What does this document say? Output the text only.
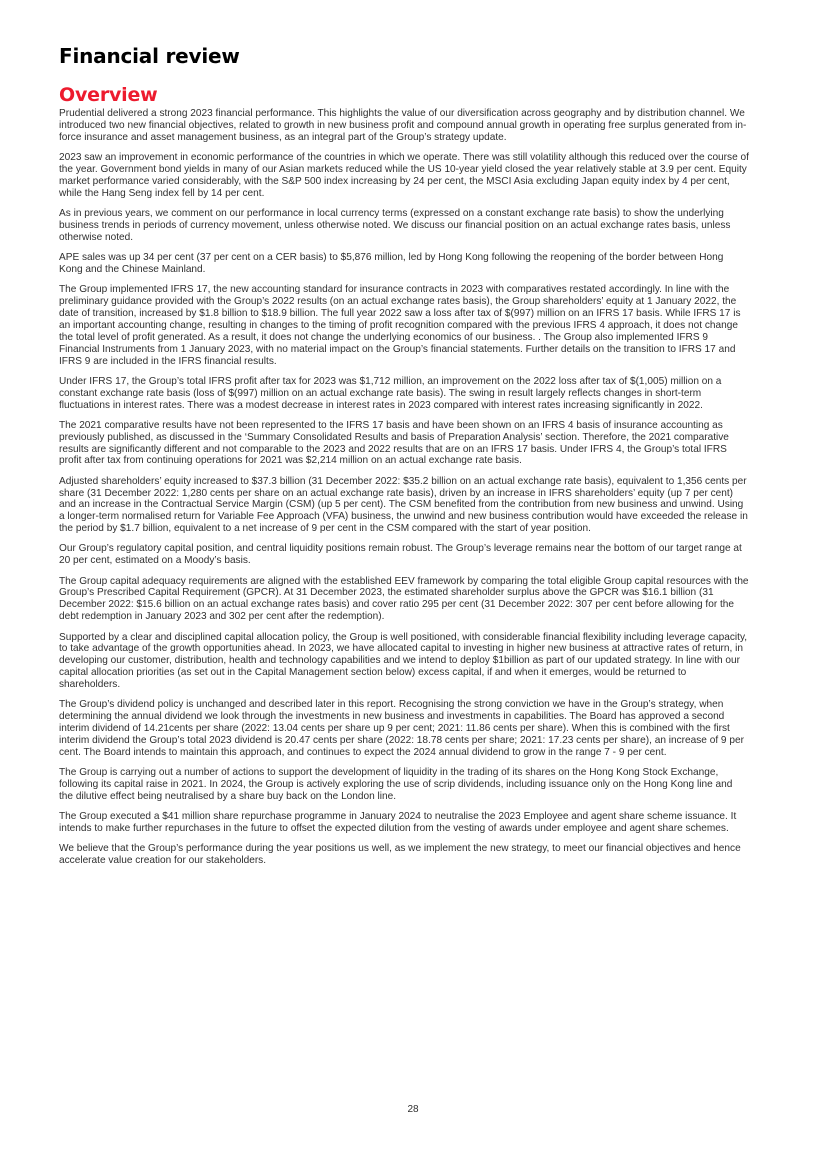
Financial review
Overview

Prudential delivered a strong 2023 financial performance. This highlights the value of our diversification across geography and by distribution channel. We introduced two new financial objectives, related to growth in new business profit and compound annual growth in operating free surplus generated from in-force insurance and asset management business, as an integral part of the Group’s strategy update.

2023 saw an improvement in economic performance of the countries in which we operate. There was still volatility although this reduced over the course of the year. Government bond yields in many of our Asian markets reduced while the US 10-year yield closed the year relatively stable at 3.9 per cent. Equity market performance varied considerably, with the S&P 500 index increasing by 24 per cent, the MSCI Asia excluding Japan equity index by 4 per cent, while the Hang Seng index fell by 14 per cent.

As in previous years, we comment on our performance in local currency terms (expressed on a constant exchange rate basis) to show the underlying business trends in periods of currency movement, unless otherwise noted. We discuss our financial position on an actual exchange rates basis, unless otherwise noted.

APE sales was up 34 per cent (37 per cent on a CER basis) to $5,876 million, led by Hong Kong following the reopening of the border between Hong Kong and the Chinese Mainland.

The Group implemented IFRS 17, the new accounting standard for insurance contracts in 2023 with comparatives restated accordingly. In line with the preliminary guidance provided with the Group’s 2022 results (on an actual exchange rates basis), the Group shareholders’ equity at 1 January 2022, the date of transition, increased by $1.8 billion to $18.9 billion. The full year 2022 saw a loss after tax of $(997) million on an IFRS 17 basis. While IFRS 17 is an important accounting change, resulting in changes to the timing of profit recognition compared with the previous IFRS 4 approach, it does not change the total level of profit generated. As a result, it does not change the underlying economics of our business. . The Group also implemented IFRS 9 Financial Instruments from 1 January 2023, with no material impact on the Group’s financial statements. Further details on the transition to IFRS 17 and IFRS 9 are included in the IFRS financial results.

Under IFRS 17, the Group’s total IFRS profit after tax for 2023 was $1,712 million, an improvement on the 2022 loss after tax of $(1,005) million on a constant exchange rate basis (loss of $(997) million on an actual exchange rate basis). The swing in result largely reflects changes in short-term fluctuations in interest rates. There was a modest decrease in interest rates in 2023 compared with interest rates increasing significantly in 2022.

The 2021 comparative results have not been represented to the IFRS 17 basis and have been shown on an IFRS 4 basis of insurance accounting as previously published, as discussed in the ‘Summary Consolidated Results and basis of Preparation Analysis’ section. Therefore, the 2021 comparative results are significantly different and not comparable to the 2023 and 2022 results that are on an IFRS 17 basis. Under IFRS 4, the Group’s total IFRS profit after tax from continuing operations for 2021 was $2,214 million on an actual exchange rate basis.

Adjusted shareholders’ equity increased to $37.3 billion (31 December 2022: $35.2 billion on an actual exchange rate basis), equivalent to 1,356 cents per share (31 December 2022: 1,280 cents per share on an actual exchange rate basis), driven by an increase in IFRS shareholders’ equity (up 7 per cent) and an increase in the Contractual Service Margin (CSM) (up 5 per cent). The CSM benefited from the contribution from new business and unwind. Using a longer-term normalised return for Variable Fee Approach (VFA) business, the unwind and new business contribution would have exceeded the release in the period by $1.7 billion, equivalent to a net increase of 9 per cent in the CSM compared with the start of year position.

Our Group’s regulatory capital position, and central liquidity positions remain robust. The Group’s leverage remains near the bottom of our target range at 20 per cent, estimated on a Moody’s basis.

The Group capital adequacy requirements are aligned with the established EEV framework by comparing the total eligible Group capital resources with the Group’s Prescribed Capital Requirement (GPCR). At 31 December 2023, the estimated shareholder surplus above the GPCR was $16.1 billion (31 December 2022: $15.6 billion on an actual exchange rates basis) and cover ratio 295 per cent (31 December 2022: 307 per cent before allowing for the debt redemption in January 2023 and 302 per cent after the redemption).

Supported by a clear and disciplined capital allocation policy, the Group is well positioned, with considerable financial flexibility including leverage capacity, to take advantage of the growth opportunities ahead. In 2023, we have allocated capital to investing in higher new business at attractive rates of return, in developing our customer, distribution, health and technology capabilities and we intend to deploy $1billion as part of our updated strategy. In line with our capital allocation priorities (as set out in the Capital Management section below) excess capital, if and when it emerges, would be returned to shareholders.

The Group’s dividend policy is unchanged and described later in this report. Recognising the strong conviction we have in the Group’s strategy, when determining the annual dividend we look through the investments in new business and investments in capabilities. The Board has approved a second interim dividend of 14.21cents per share (2022: 13.04 cents per share up 9 per cent; 2021: 11.86 cents per share). When this is combined with the first interim dividend the Group’s total 2023 dividend is 20.47 cents per share (2022: 18.78 cents per share; 2021: 17.23 cents per share), an increase of 9 per cent. The Board intends to maintain this approach, and continues to expect the 2024 annual dividend to grow in the range 7 - 9 per cent.

The Group is carrying out a number of actions to support the development of liquidity in the trading of its shares on the Hong Kong Stock Exchange, following its capital raise in 2021. In 2024, the Group is actively exploring the use of scrip dividends, including issuance only on the Hong Kong line and the dilutive effect being neutralised by a share buy back on the London line.

The Group executed a $41 million share repurchase programme in January 2024 to neutralise the 2023 Employee and agent share scheme issuance. It intends to make further repurchases in the future to offset the expected dilution from the vesting of awards under employee and agent share schemes.

We believe that the Group’s performance during the year positions us well, as we implement the new strategy, to meet our financial objectives and hence accelerate value creation for our stakeholders.

28
